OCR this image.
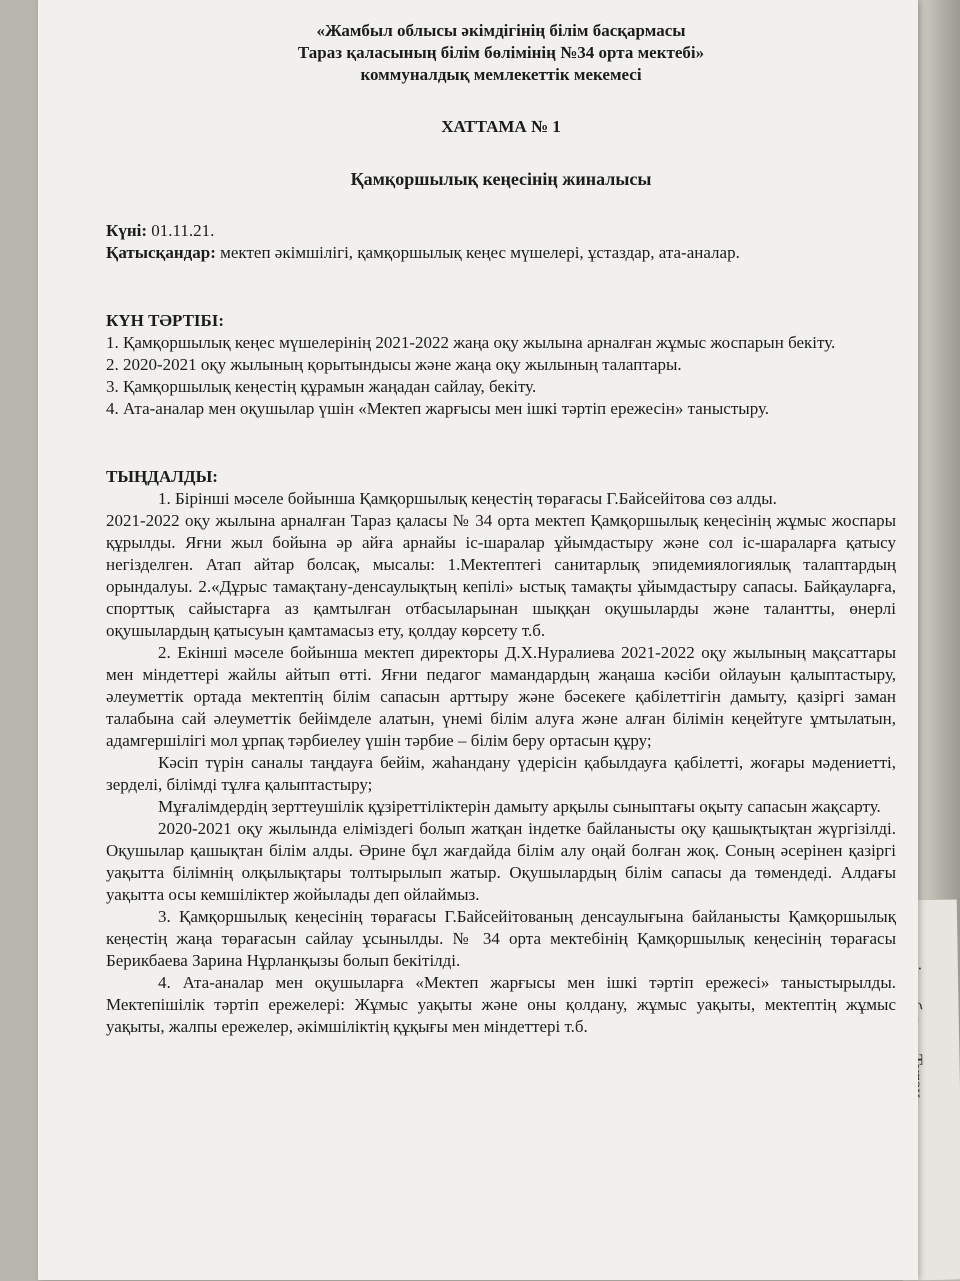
«Жамбыл облысы әкімдігінің білім басқармасы
Тараз қаласының білім бөлімінің №34 орта мектебі»
коммуналдық мемлекеттік мекемесі
ХАТТАМА № 1
Қамқоршылық кеңесінің жиналысы

Күні: 01.11.21.

Қатысқандар: мектеп әкімшілігі, қамқоршылық кеңес мүшелері, ұстаздар, ата-аналар.

КҮН ТӘРТІБІ:

1. Қамқоршылық кеңес мүшелерінің 2021-2022 жаңа оқу жылына арналған жұмыс жоспарын бекіту.

2. 2020-2021 оқу жылының қорытындысы және жаңа оқу жылының талаптары.

3. Қамқоршылық кеңестің құрамын жаңадан сайлау, бекіту.

4. Ата-аналар мен оқушылар үшін «Мектеп жарғысы мен ішкі тәртіп ережесін» таныстыру.

ТЫҢДАЛДЫ:

1. Бірінші мәселе бойынша Қамқоршылық кеңестің төрағасы Г.Байсейітова сөз алды.

2021-2022 оқу жылына арналған Тараз қаласы № 34 орта мектеп Қамқоршылық кеңесінің жұмыс жоспары құрылды. Яғни жыл бойына әр айға арнайы іс-шаралар ұйымдастыру және сол іс-шараларға қатысу негізделген. Атап айтар болсақ, мысалы: 1.Мектептегі санитарлық эпидемиялогиялық талаптардың орындалуы. 2.«Дұрыс тамақтану-денсаулықтың кепілі» ыстық тамақты ұйымдастыру сапасы. Байқауларға, спорттық сайыстарға аз қамтылған отбасыларынан шыққан оқушыларды және талантты, өнерлі оқушылардың қатысуын қамтамасыз ету, қолдау көрсету т.б.

2. Екінші мәселе бойынша мектеп директоры Д.Х.Нуралиева 2021-2022 оқу жылының мақсаттары мен міндеттері жайлы айтып өтті. Яғни педагог мамандардың жаңаша кәсіби ойлауын қалыптастыру, әлеуметтік ортада мектептің білім сапасын арттыру және бәсекеге қабілеттігін дамыту, қазіргі заман талабына сай әлеуметтік бейімделе алатын, үнемі білім алуға және алған білімін кеңейтуге ұмтылатын, адамгершілігі мол ұрпақ тәрбиелеу үшін тәрбие – білім беру ортасын құру;

Кәсіп түрін саналы таңдауға бейім, жаһандану үдерісін қабылдауға қабілетті, жоғары мәдениетті, зерделі, білімді тұлға қалыптастыру;

Мұғалімдердің зерттеушілік құзіреттіліктерін дамыту арқылы сыныптағы оқыту сапасын жақсарту.

2020-2021 оқу жылында еліміздегі болып жатқан індетке байланысты оқу қашықтықтан жүргізілді. Оқушылар қашықтан білім алды. Әрине бұл жағдайда білім алу оңай болған жоқ. Соның әсерінен қазіргі уақытта білімнің олқылықтары толтырылып жатыр. Оқушылардың білім сапасы да төмендеді. Алдағы уақытта осы кемшіліктер жойылады деп ойлаймыз.

3. Қамқоршылық кеңесінің төрағасы Г.Байсейітованың денсаулығына байланысты Қамқоршылық кеңестің жаңа төрағасын сайлау ұсынылды. № 34 орта мектебінің Қамқоршылық кеңесінің төрағасы Берикбаева Зарина Нұрланқызы болып бекітілді.

4. Ата-аналар мен оқушыларға «Мектеп жарғысы мен ішкі тәртіп ережесі» таныстырылды. Мектепішілік тәртіп ережелері: Жұмыс уақыты және оны қолдану, жұмыс уақыты, мектептің жұмыс уақыты, жалпы ережелер, әкімшіліктің құқығы мен міндеттері т.б.
